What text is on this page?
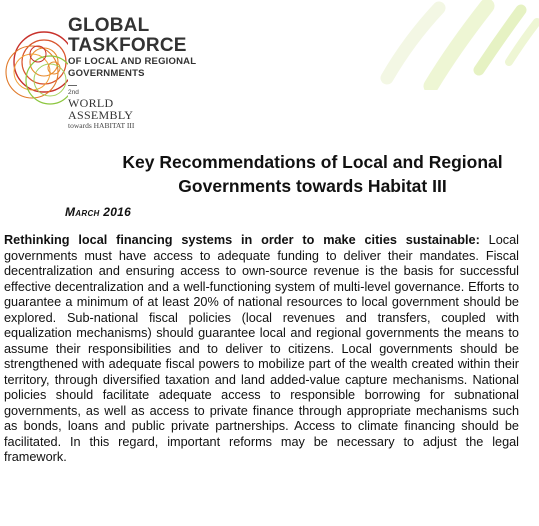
GLOBAL
TASKFORCE
OF LOCAL AND REGIONAL
GOVERNMENTS
2nd
WORLD
ASSEMBLY
towards HABITAT III
Key Recommendations of Local and Regional Governments towards Habitat III
March 2016

Rethinking local financing systems in order to make cities sustainable: Local governments must have access to adequate funding to deliver their mandates. Fiscal decentralization and ensuring access to own-source revenue is the basis for successful effective decentralization and a well-functioning system of multi-level governance. Efforts to guarantee a minimum of at least 20% of national resources to local government should be explored. Sub-national fiscal policies (local revenues and transfers, coupled with equalization mechanisms) should guarantee local and regional governments the means to assume their responsibilities and to deliver to citizens. Local governments should be strengthened with adequate fiscal powers to mobilize part of the wealth created within their territory, through diversified taxation and land added-value capture mechanisms. National policies should facilitate adequate access to responsible borrowing for subnational governments, as well as access to private finance through appropriate mechanisms such as bonds, loans and public private partnerships. Access to climate financing should be facilitated. In this regard, important reforms may be necessary to adjust the legal framework.
